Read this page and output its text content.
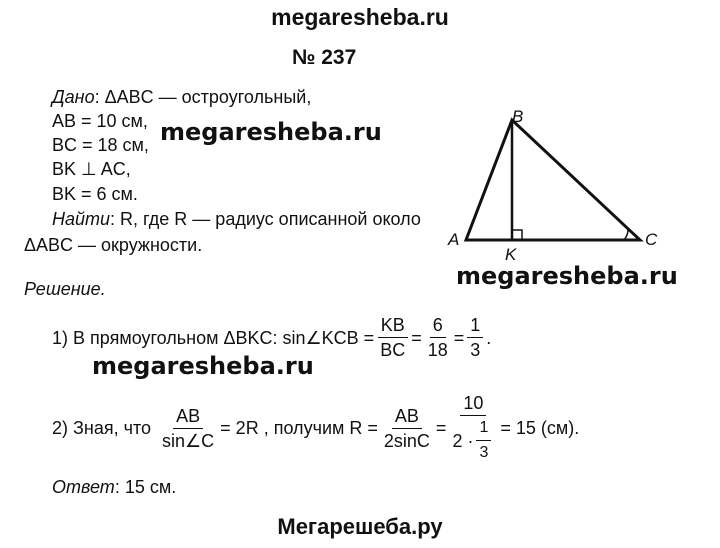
megaresheba.ru
№ 237
Дано: ΔABC — остроугольный,
AB = 10 см,
BC = 18 см,
BK ⊥ AC,
BK = 6 см.
Найти: R, где R — радиус описанной около
ΔABC — окружности.
Решение.
A
B
C
K
megaresheba.ru
megaresheba.ru
megaresheba.ru
1) В прямоугольном ΔBKC: sin∠KCB = $\frac{KB}{BC} = \frac{6}{18} = \frac{1}{3}$ .
2) Зная, что $\frac{AB}{\sin\angle C} = 2R$ , получим $R = \frac{AB}{2\sin C} = \frac{10}{2 \cdot \frac{1}{3}} = 15$ (см).
Ответ: 15 см.
Мегарешеба.ру
